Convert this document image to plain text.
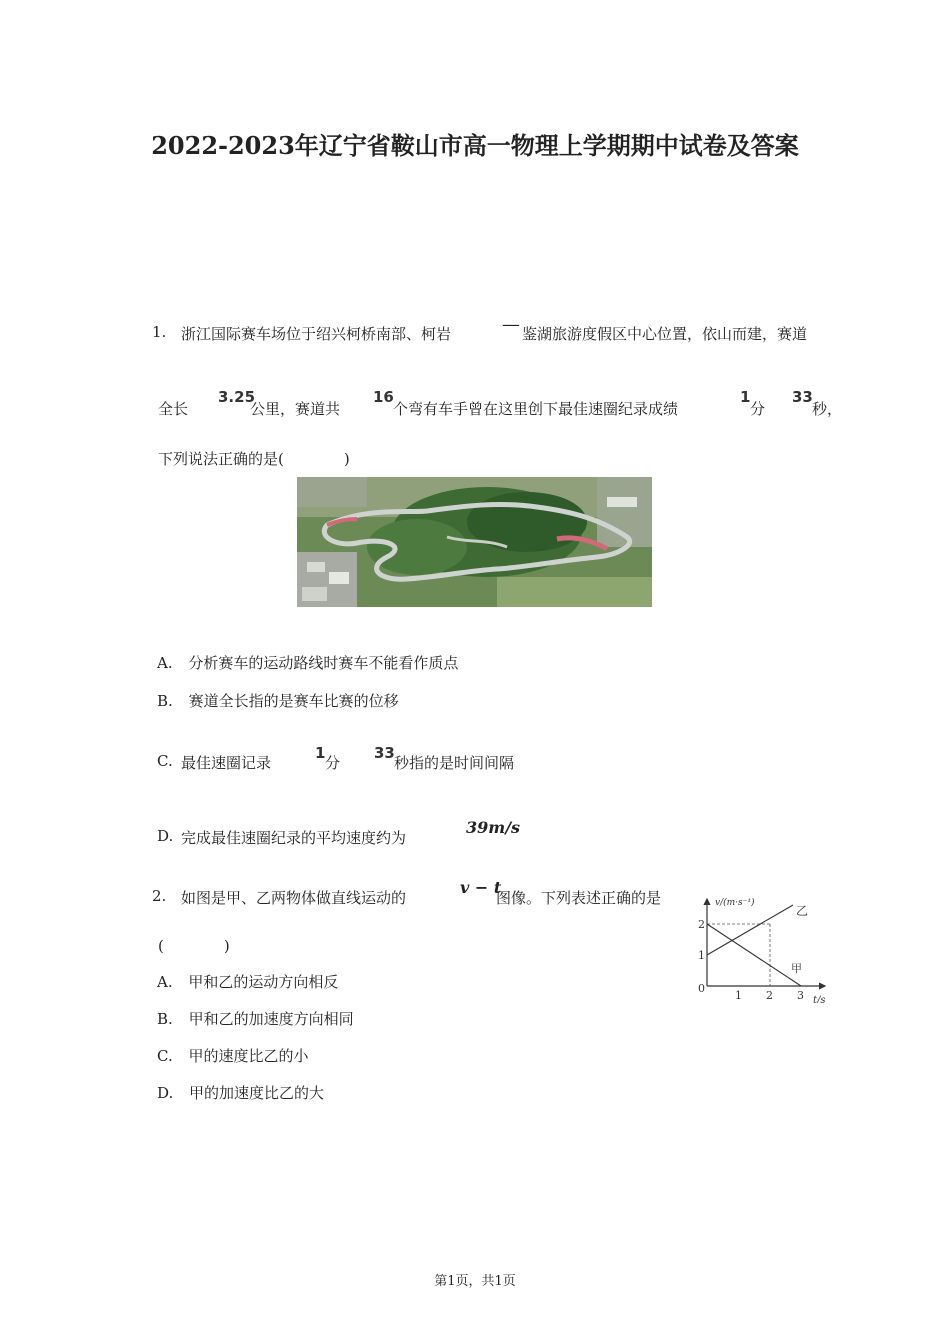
2022-2023年辽宁省鞍山市高一物理上学期期中试卷及答案
1. 浙江国际赛车场位于绍兴柯桥南部、柯岩	— 鉴湖旅游度假区中心位置，依山而建，赛道
全长
3.25
公里，赛道共
16
个弯有车手曾在这里创下最佳速圈纪录成绩
1
分
33
秒，
下列说法正确的是(　　　　)
A. 分析赛车的运动路线时赛车不能看作质点
B. 赛道全长指的是赛车比赛的位移
C. 最佳速圈记录
1
分
33
秒指的是时间间隔
D. 完成最佳速圈纪录的平均速度约为
39m/s
2. 如图是甲、乙两物体做直线运动的
v − t
图像。下列表述正确的是
(　　　　)
A. 甲和乙的运动方向相反
B. 甲和乙的加速度方向相同
C. 甲的速度比乙的小
D. 甲的加速度比乙的大
v/(m·s⁻¹)
t/s
0
1 2 3
1
2
乙
甲
第1页，共1页
